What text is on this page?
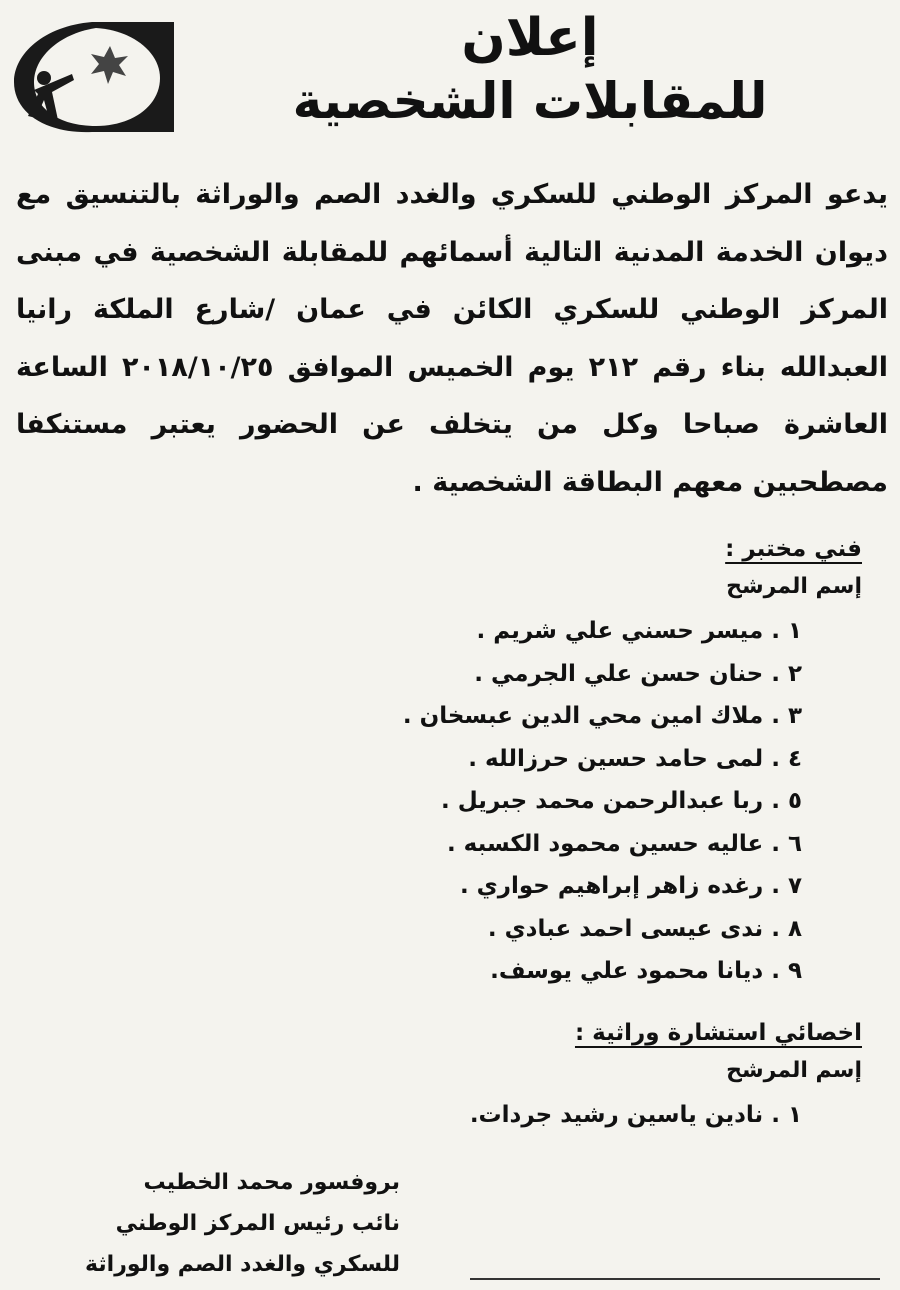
إعلان
للمقابلات الشخصية
يدعو المركز الوطني للسكري والغدد الصم والوراثة بالتنسيق مع ديوان الخدمة المدنية التالية أسمائهم للمقابلة الشخصية في مبنى المركز الوطني للسكري الكائن في عمان /شارع الملكة رانيا العبدالله بناء رقم ٢١٢ يوم الخميس الموافق ٢٠١٨/١٠/٢٥ الساعة العاشرة صباحا وكل من يتخلف عن الحضور يعتبر مستنكفا مصطحبين معهم البطاقة الشخصية .
فني مختبر :
إسم المرشح
١ . ميسر حسني علي شريم .
٢ . حنان حسن علي الجرمي .
٣ . ملاك امين محي الدين عبسخان .
٤ . لمى حامد حسين حرزالله .
٥ . ربا عبدالرحمن محمد جبريل .
٦ . عاليه حسين محمود الكسبه .
٧ . رغده زاهر إبراهيم حواري .
٨ . ندى عيسى احمد عبادي .
٩ . ديانا محمود علي يوسف.
اخصائي استشارة وراثية :
إسم المرشح
١ . نادين ياسين رشيد جردات.
بروفسور محمد الخطيب
نائب رئيس المركز الوطني
للسكري والغدد الصم والوراثة
